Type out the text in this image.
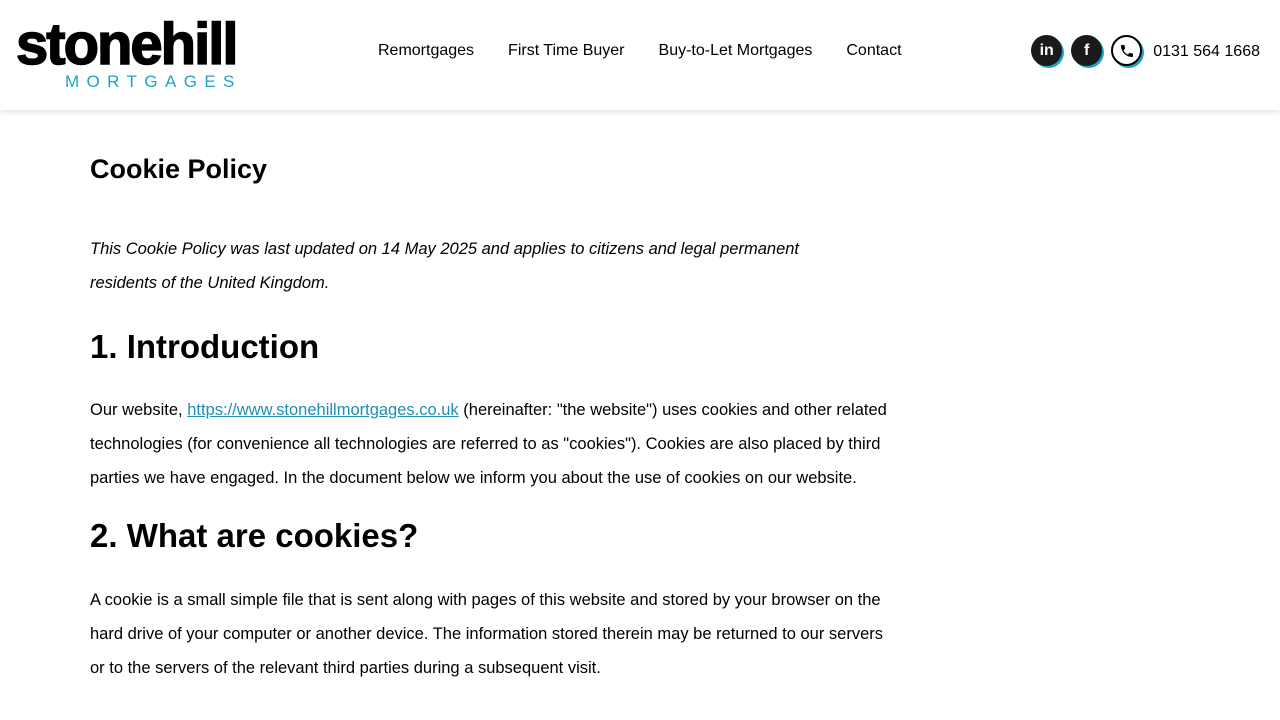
stonehill
MORTGAGES
Remortgages First Time Buyer Buy-to-Let Mortgages Contact	in	f	0131 564 1668
Cookie Policy

This Cookie Policy was last updated on 14 May 2025 and applies to citizens and legal permanent residents of the United Kingdom.

1. Introduction

Our website, https://www.stonehillmortgages.co.uk (hereinafter: "the website") uses cookies and other related technologies (for convenience all technologies are referred to as "cookies"). Cookies are also placed by third parties we have engaged. In the document below we inform you about the use of cookies on our website.

2. What are cookies?

A cookie is a small simple file that is sent along with pages of this website and stored by your browser on the hard drive of your computer or another device. The information stored therein may be returned to our servers or to the servers of the relevant third parties during a subsequent visit.
